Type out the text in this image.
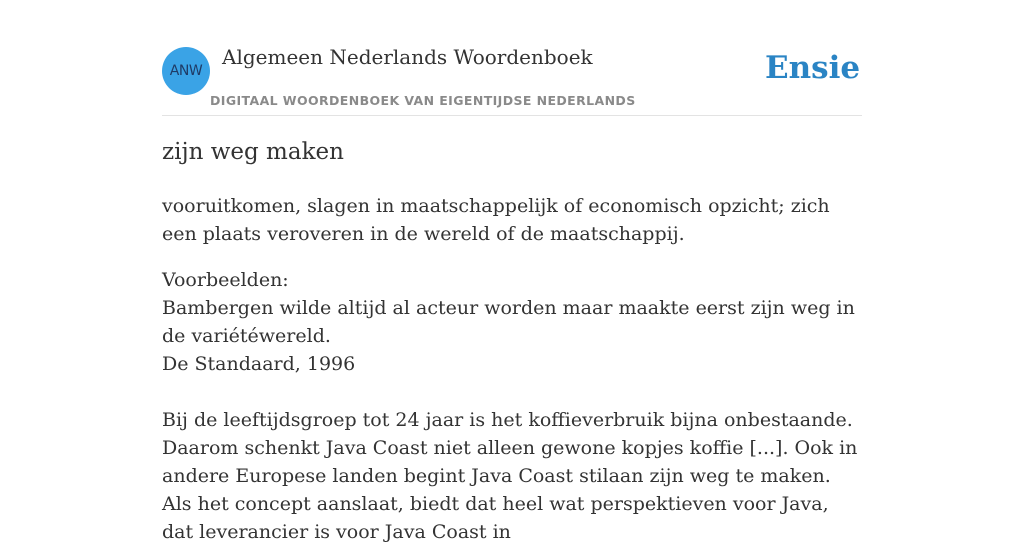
ANW
Algemeen Nederlands Woordenboek
DIGITAAL WOORDENBOEK VAN EIGENTIJDSE NEDERLANDS
Ensie
zijn weg maken

vooruitkomen, slagen in maatschappelijk of economisch opzicht; zich een plaats veroveren in de wereld of de maatschappij.

Voorbeelden:

Bambergen wilde altijd al acteur worden maar maakte eerst zijn weg in de variétéwereld.

De Standaard, 1996

Bij de leeftijdsgroep tot 24 jaar is het koffieverbruik bijna onbestaande. Daarom schenkt Java Coast niet alleen gewone kopjes koffie [...]. Ook in andere Europese landen begint Java Coast stilaan zijn weg te maken. Als het concept aanslaat, biedt dat heel wat perspektieven voor Java, dat leverancier is voor Java Coast in
